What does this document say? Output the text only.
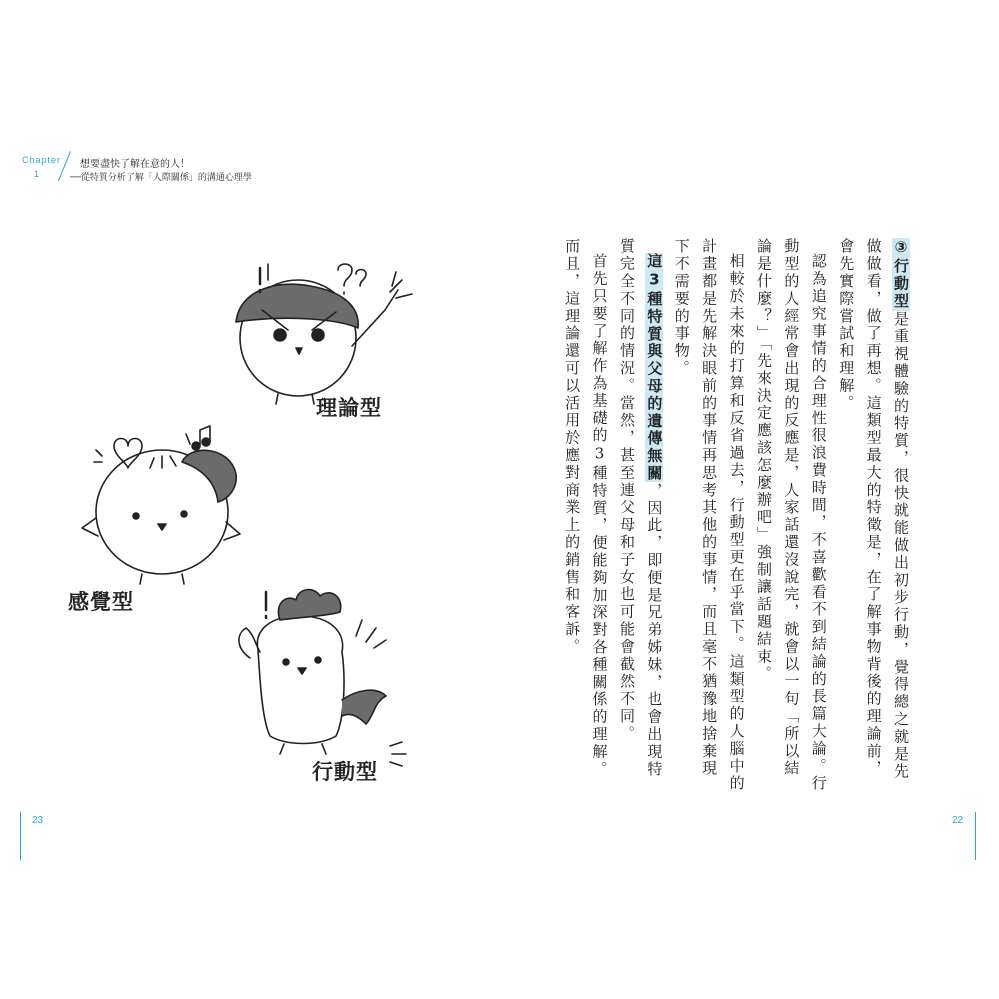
Chapter
1
想要盡快了解在意的人！
──從特質分析了解「人際關係」的溝通心理學
理論型
感覺型
行動型

③行動型是重視體驗的特質，很快就能做出初步行動，覺得總之就是先做做看，做了再想。這類型最大的特徵是，在了解事物背後的理論前，會先實際嘗試和理解。

認為追究事情的合理性很浪費時間，不喜歡看不到結論的長篇大論。行動型的人經常會出現的反應是，人家話還沒說完，就會以一句「所以結論是什麼？」「先來決定應該怎麼辦吧」強制讓話題結束。

相較於未來的打算和反省過去，行動型更在乎當下。這類型的人腦中的計畫都是先解決眼前的事情再思考其他的事情，而且毫不猶豫地捨棄現下不需要的事物。

這3種特質與父母的遺傳無關，因此，即便是兄弟姊妹，也會出現特質完全不同的情況。當然，甚至連父母和子女也可能會截然不同。

首先只要了解作為基礎的3種特質，便能夠加深對各種關係的理解。而且，這理論還可以活用於應對商業上的銷售和客訴。

23	22
